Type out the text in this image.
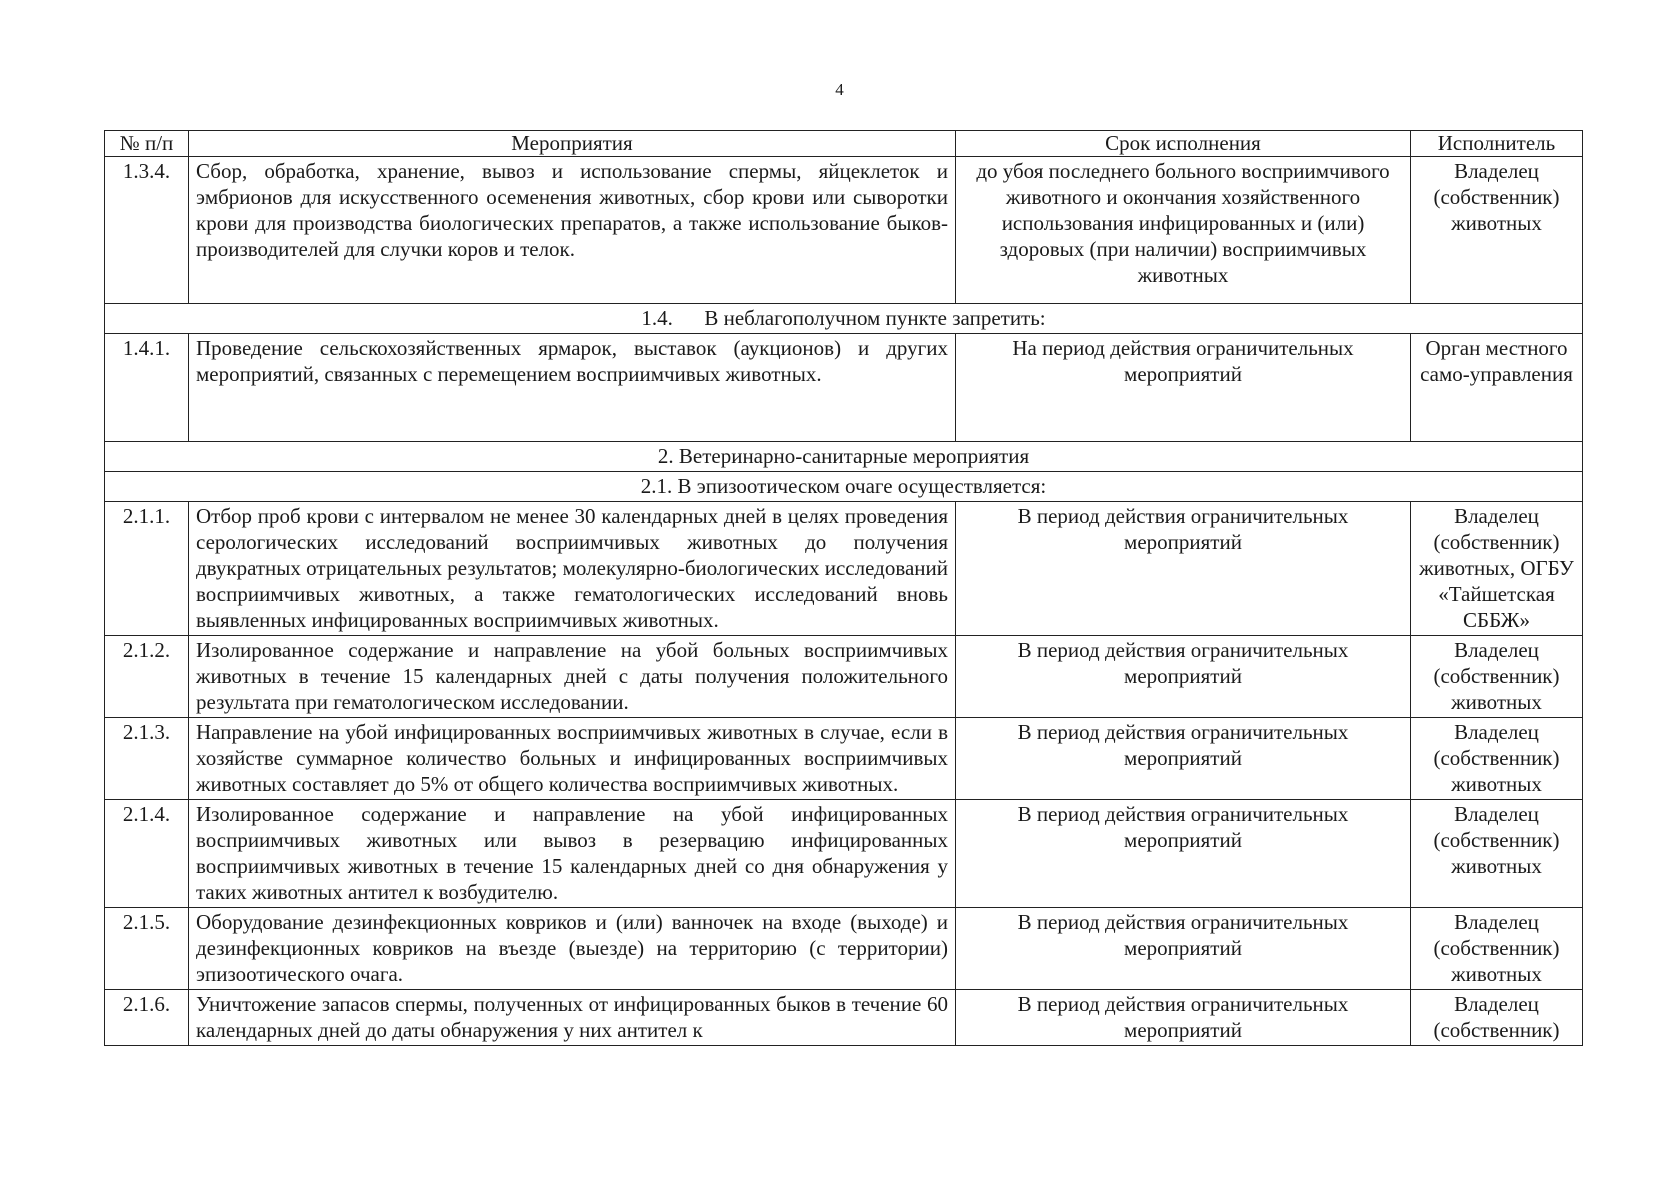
4
№ п/п	Мероприятия	Срок исполнения	Исполнитель
1.3.4.	Сбор, обработка, хранение, вывоз и использование спермы, яйцеклеток и эмбрионов для искусственного осеменения животных, сбор крови или сыворотки крови для производства биологических препаратов, а также использование быков-производителей для случки коров и телок.	до убоя последнего больного восприимчивого животного и окончания хозяйственного использования инфицированных и (или) здоровых (при наличии) восприимчивых животных	Владелец (собственник) животных
1.4.      В неблагополучном пункте запретить:			
1.4.1.	Проведение сельскохозяйственных ярмарок, выставок (аукционов) и других мероприятий, связанных с перемещением восприимчивых животных.	На период действия ограничительных мероприятий	Орган местного само-управления
2. Ветеринарно-санитарные мероприятия			
2.1. В эпизоотическом очаге осуществляется:			
2.1.1.	Отбор проб крови с интервалом не менее 30 календарных дней в целях проведения серологических исследований восприимчивых животных до получения двукратных отрицательных результатов; молекулярно-биологических исследований восприимчивых животных, а также гематологических исследований вновь выявленных инфицированных восприимчивых животных.	В период действия ограничительных мероприятий	Владелец (собственник) животных, ОГБУ «Тайшетская СББЖ»
2.1.2.	Изолированное содержание и направление на убой больных восприимчивых животных в течение 15 календарных дней с даты получения положительного результата при гематологическом исследовании.	В период действия ограничительных мероприятий	Владелец (собственник) животных
2.1.3.	Направление на убой инфицированных восприимчивых животных в случае, если в хозяйстве суммарное количество больных и инфицированных восприимчивых животных составляет до 5% от общего количества восприимчивых животных.	В период действия ограничительных мероприятий	Владелец (собственник) животных
2.1.4.	Изолированное содержание и направление на убой инфицированных восприимчивых животных или вывоз в резервацию инфицированных восприимчивых животных в течение 15 календарных дней со дня обнаружения у таких животных антител к возбудителю.	В период действия ограничительных мероприятий	Владелец (собственник) животных
2.1.5.	Оборудование дезинфекционных ковриков и (или) ванночек на входе (выходе) и дезинфекционных ковриков на въезде (выезде) на территорию (с территории) эпизоотического очага.	В период действия ограничительных мероприятий	Владелец (собственник) животных
2.1.6.	Уничтожение запасов спермы, полученных от инфицированных быков в течение 60 календарных дней до даты обнаружения у них антител к	В период действия ограничительных мероприятий	Владелец (собственник)
